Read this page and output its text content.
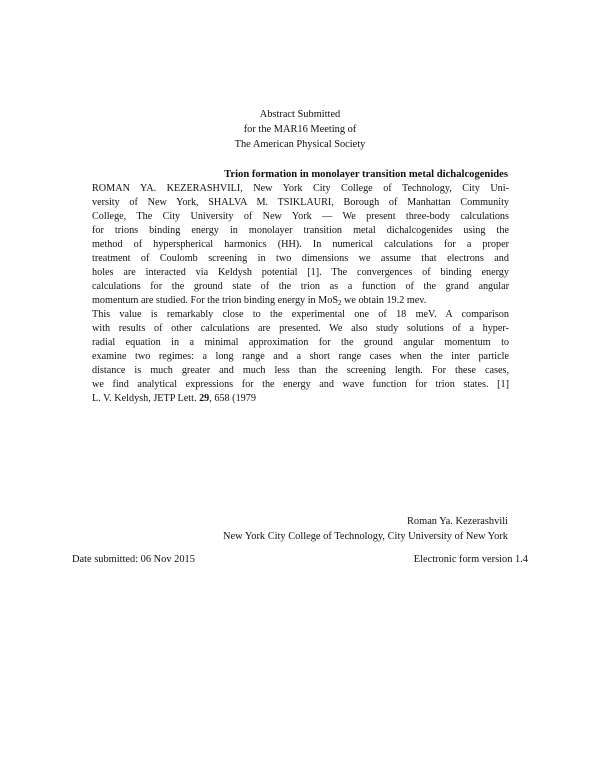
Abstract Submitted
for the MAR16 Meeting of
The American Physical Society
Trion formation in monolayer transition metal dichalcogenides
ROMAN YA. KEZERASHVILI, New York City College of Technology, City Uni-
versity of New York, SHALVA M. TSIKLAURI, Borough of Manhattan Community
College, The City University of New York — We present three-body calculations
for trions binding energy in monolayer transition metal dichalcogenides using the
method of hyperspherical harmonics (HH). In numerical calculations for a proper
treatment of Coulomb screening in two dimensions we assume that electrons and
holes are interacted via Keldysh potential [1]. The convergences of binding energy
calculations for the ground state of the trion as a function of the grand angular
momentum are studied. For the trion binding energy in MoS$_2$ we obtain 19.2 mev.
This value is remarkably close to the experimental one of 18 meV. A comparison
with results of other calculations are presented. We also study solutions of a hyper-
radial equation in a minimal approximation for the ground angular momentum to
examine two regimes: a long range and a short range cases when the inter particle
distance is much greater and much less than the screening length. For these cases,
we find analytical expressions for the energy and wave function for trion states. [1]
L. V. Keldysh, JETP Lett. 29, 658 (1979
Roman Ya. Kezerashvili
New York City College of Technology, City University of New York
Date submitted: 06 Nov 2015	Electronic form version 1.4
